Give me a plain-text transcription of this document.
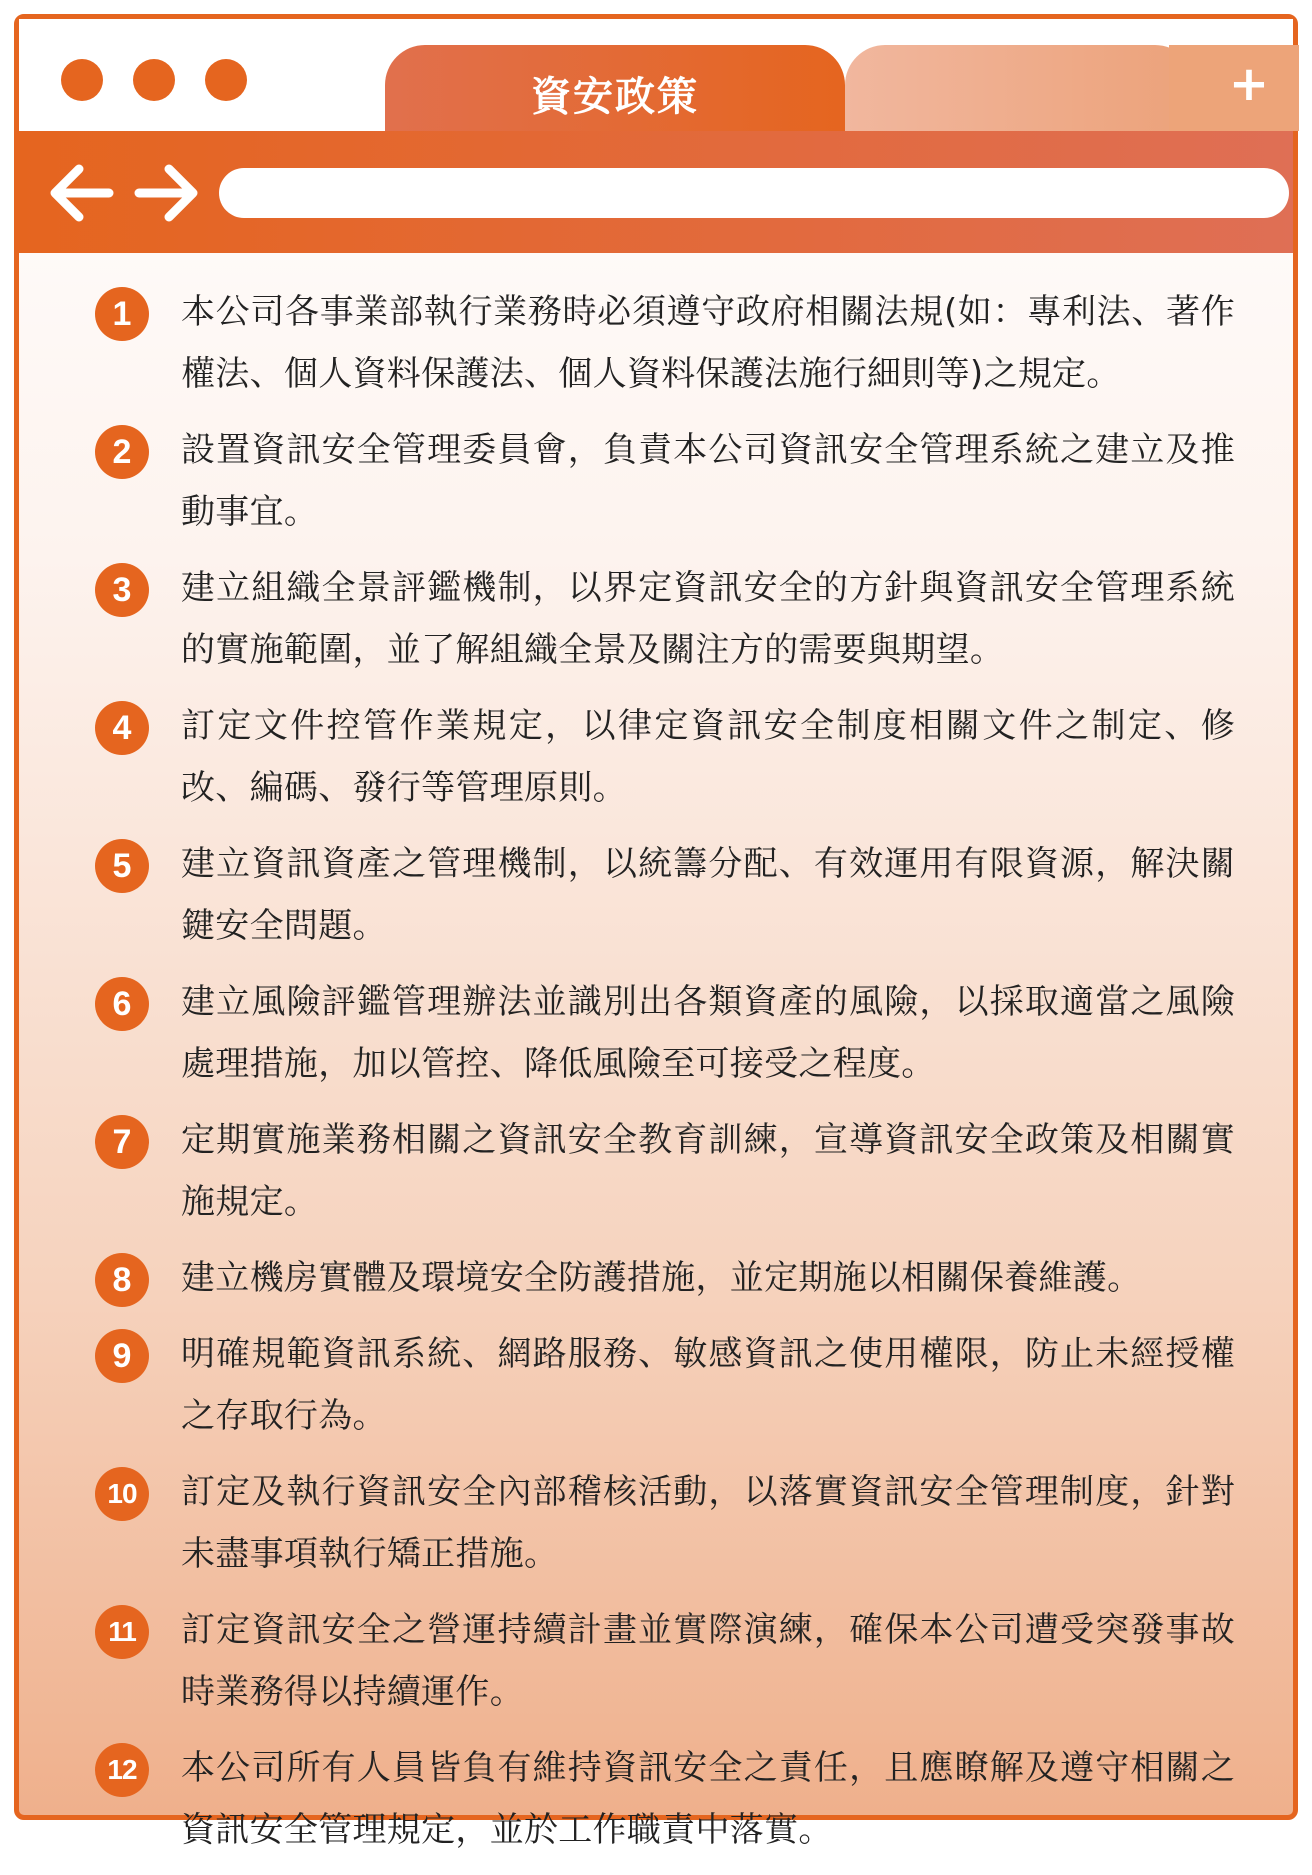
+
資安政策
1	本公司各事業部執行業務時必須遵守政府相關法規(如：專利法、著作權法、個人資料保護法、個人資料保護法施行細則等)之規定。
2	設置資訊安全管理委員會，負責本公司資訊安全管理系統之建立及推動事宜。
3	建立組織全景評鑑機制，以界定資訊安全的方針與資訊安全管理系統的實施範圍，並了解組織全景及關注方的需要與期望。
4	訂定文件控管作業規定，以律定資訊安全制度相關文件之制定、修改、編碼、發行等管理原則。
5	建立資訊資產之管理機制，以統籌分配、有效運用有限資源，解決關鍵安全問題。
6	建立風險評鑑管理辦法並識別出各類資產的風險，以採取適當之風險處理措施，加以管控、降低風險至可接受之程度。
7	定期實施業務相關之資訊安全教育訓練，宣導資訊安全政策及相關實施規定。
8	建立機房實體及環境安全防護措施，並定期施以相關保養維護。
9	明確規範資訊系統、網路服務、敏感資訊之使用權限，防止未經授權之存取行為。
10	訂定及執行資訊安全內部稽核活動，以落實資訊安全管理制度，針對未盡事項執行矯正措施。
11	訂定資訊安全之營運持續計畫並實際演練，確保本公司遭受突發事故時業務得以持續運作。
12	本公司所有人員皆負有維持資訊安全之責任，且應瞭解及遵守相關之資訊安全管理規定，並於工作職責中落實。
